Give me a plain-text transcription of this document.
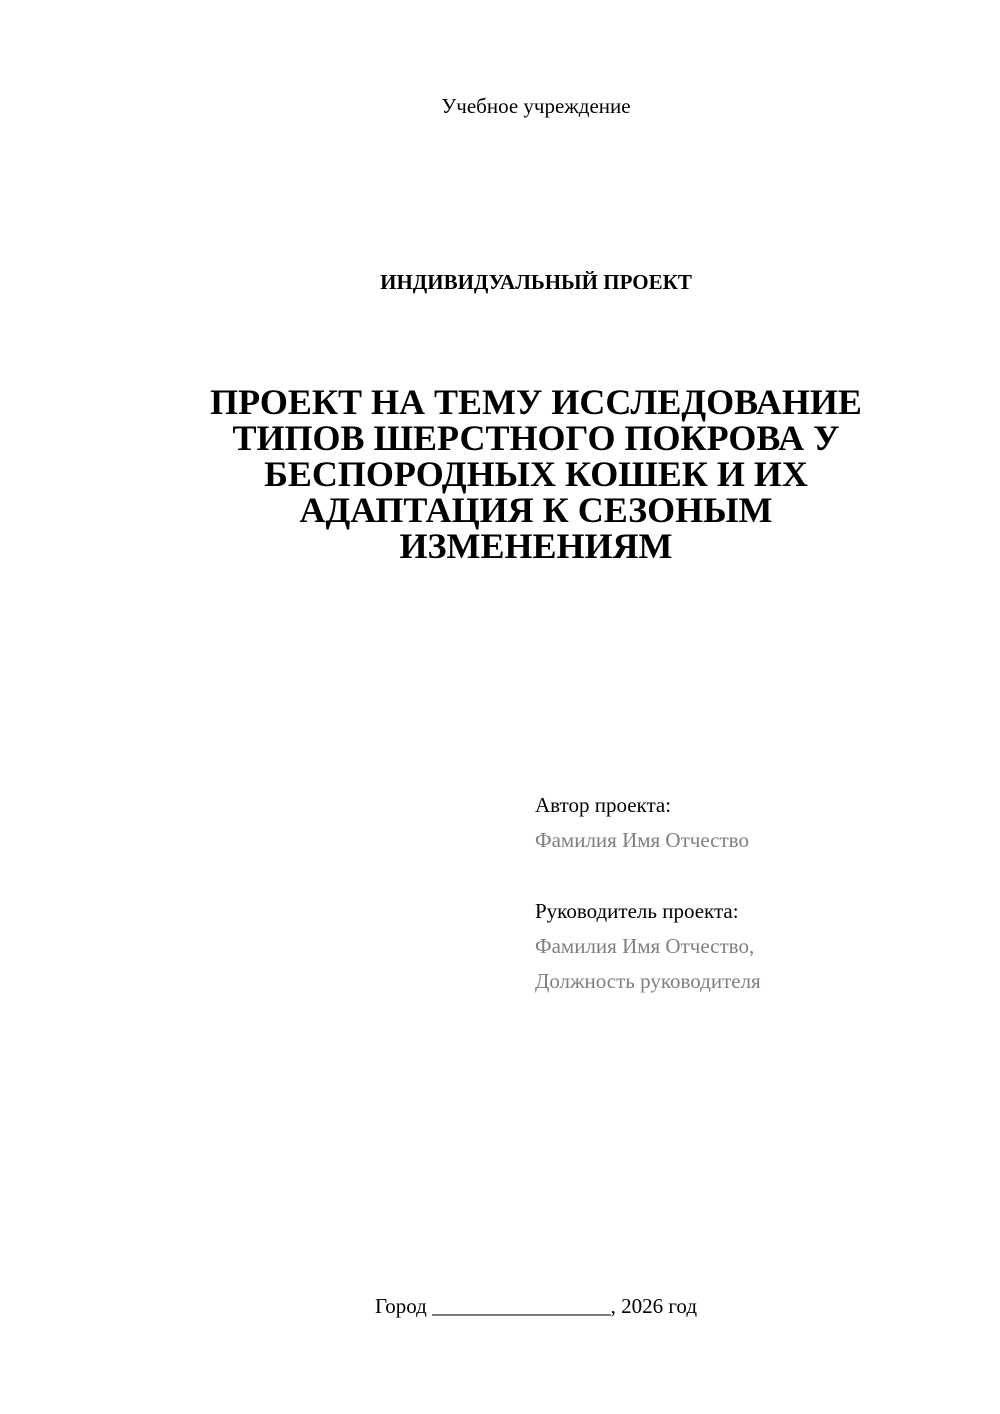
Учебное учреждение
ИНДИВИДУАЛЬНЫЙ ПРОЕКТ
ПРОЕКТ НА ТЕМУ ИССЛЕДОВАНИЕ
ТИПОВ ШЕРСТНОГО ПОКРОВА У
БЕСПОРОДНЫХ КОШЕК И ИХ
АДАПТАЦИЯ К СЕЗОНЫМ
ИЗМЕНЕНИЯМ
Автор проекта:
Фамилия Имя Отчество
Руководитель проекта:
Фамилия Имя Отчество,
Должность руководителя
Город _________________, 2026 год
